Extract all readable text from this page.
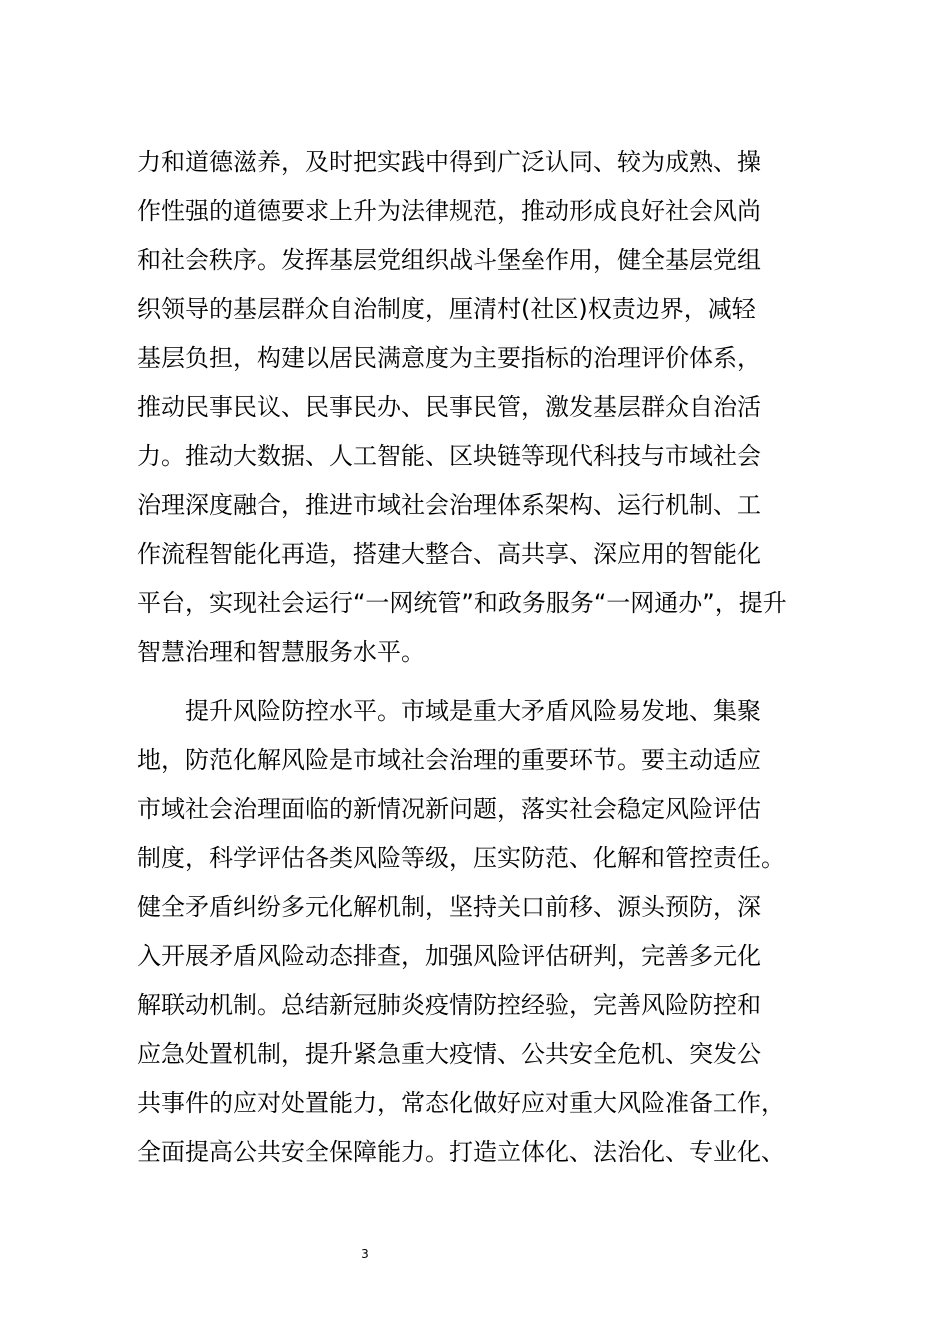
力和道德滋养，及时把实践中得到广泛认同、较为成熟、操
作性强的道德要求上升为法律规范，推动形成良好社会风尚
和社会秩序。发挥基层党组织战斗堡垒作用，健全基层党组
织领导的基层群众自治制度，厘清村(社区)权责边界，减轻
基层负担，构建以居民满意度为主要指标的治理评价体系，
推动民事民议、民事民办、民事民管，激发基层群众自治活
力。推动大数据、人工智能、区块链等现代科技与市域社会
治理深度融合，推进市域社会治理体系架构、运行机制、工
作流程智能化再造，搭建大整合、高共享、深应用的智能化
平台，实现社会运行“一网统管”和政务服务“一网通办”，提升
智慧治理和智慧服务水平。
提升风险防控水平。市域是重大矛盾风险易发地、集聚
地，防范化解风险是市域社会治理的重要环节。要主动适应
市域社会治理面临的新情况新问题，落实社会稳定风险评估
制度，科学评估各类风险等级，压实防范、化解和管控责任。
健全矛盾纠纷多元化解机制，坚持关口前移、源头预防，深
入开展矛盾风险动态排查，加强风险评估研判，完善多元化
解联动机制。总结新冠肺炎疫情防控经验，完善风险防控和
应急处置机制，提升紧急重大疫情、公共安全危机、突发公
共事件的应对处置能力，常态化做好应对重大风险准备工作，
全面提高公共安全保障能力。打造立体化、法治化、专业化、
3
